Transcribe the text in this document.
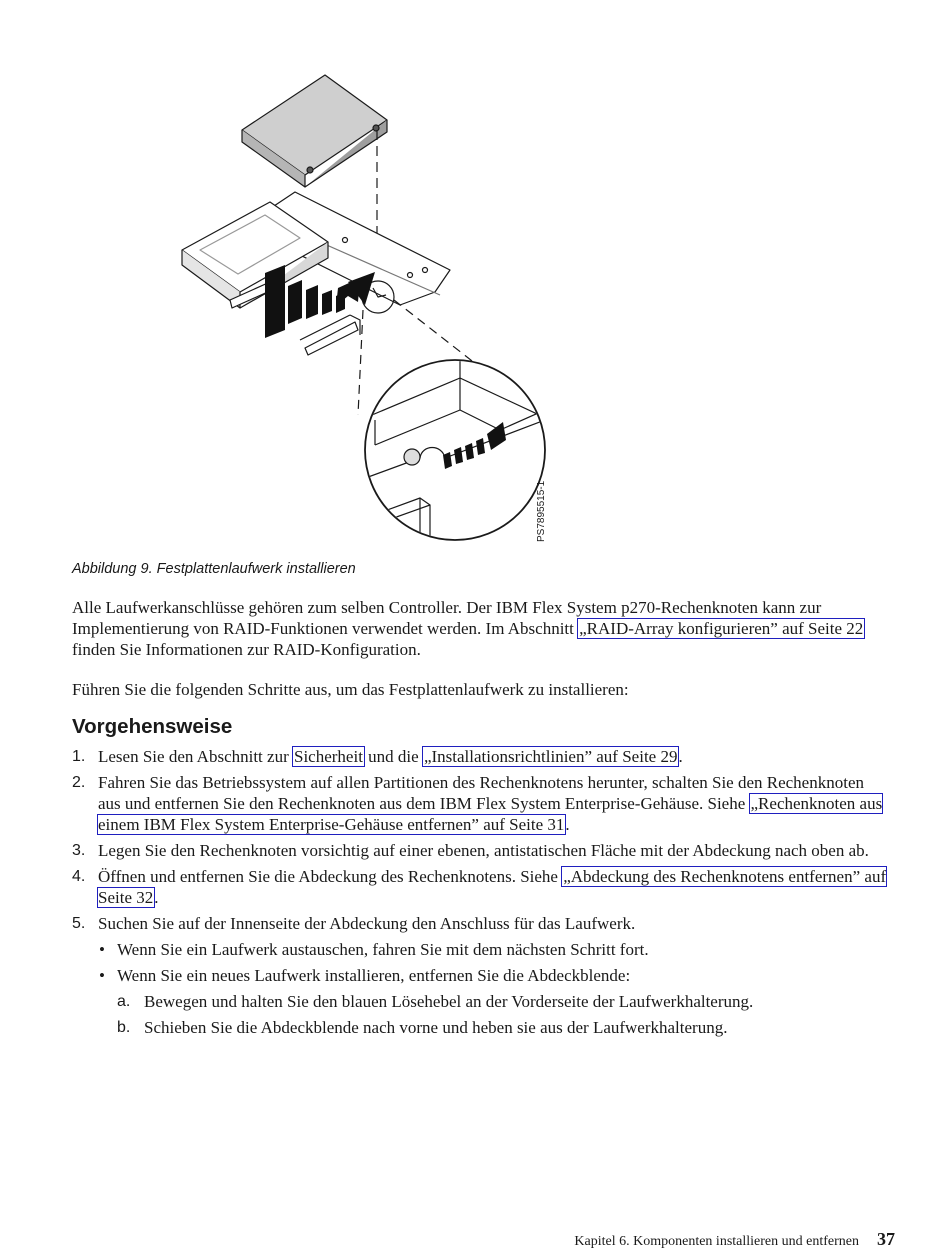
PS7895515-1
Abbildung 9. Festplattenlaufwerk installieren

Alle Laufwerkanschlüsse gehören zum selben Controller. Der IBM Flex System p270-Rechenknoten kann zur Implementierung von RAID-Funktionen verwendet werden. Im Abschnitt „RAID-Array konfigurieren” auf Seite 22 finden Sie Informationen zur RAID-Konfiguration.

Führen Sie die folgenden Schritte aus, um das Festplattenlaufwerk zu installieren:

Vorgehensweise
1. Lesen Sie den Abschnitt zur Sicherheit und die „Installationsrichtlinien” auf Seite 29.
2. Fahren Sie das Betriebssystem auf allen Partitionen des Rechenknotens herunter, schalten Sie den Rechenknoten aus und entfernen Sie den Rechenknoten aus dem IBM Flex System Enterprise-Gehäuse. Siehe „Rechenknoten aus einem IBM Flex System Enterprise-Gehäuse entfernen” auf Seite 31.
3. Legen Sie den Rechenknoten vorsichtig auf einer ebenen, antistatischen Fläche mit der Abdeckung nach oben ab.
4. Öffnen und entfernen Sie die Abdeckung des Rechenknotens. Siehe „Abdeckung des Rechenknotens entfernen” auf Seite 32.
5. Suchen Sie auf der Innenseite der Abdeckung den Anschluss für das Laufwerk.
• Wenn Sie ein Laufwerk austauschen, fahren Sie mit dem nächsten Schritt fort.
• Wenn Sie ein neues Laufwerk installieren, entfernen Sie die Abdeckblende:
a. Bewegen und halten Sie den blauen Lösehebel an der Vorderseite der Laufwerkhalterung.
b. Schieben Sie die Abdeckblende nach vorne und heben sie aus der Laufwerkhalterung.
Kapitel 6. Komponenten installieren und entfernen 37
